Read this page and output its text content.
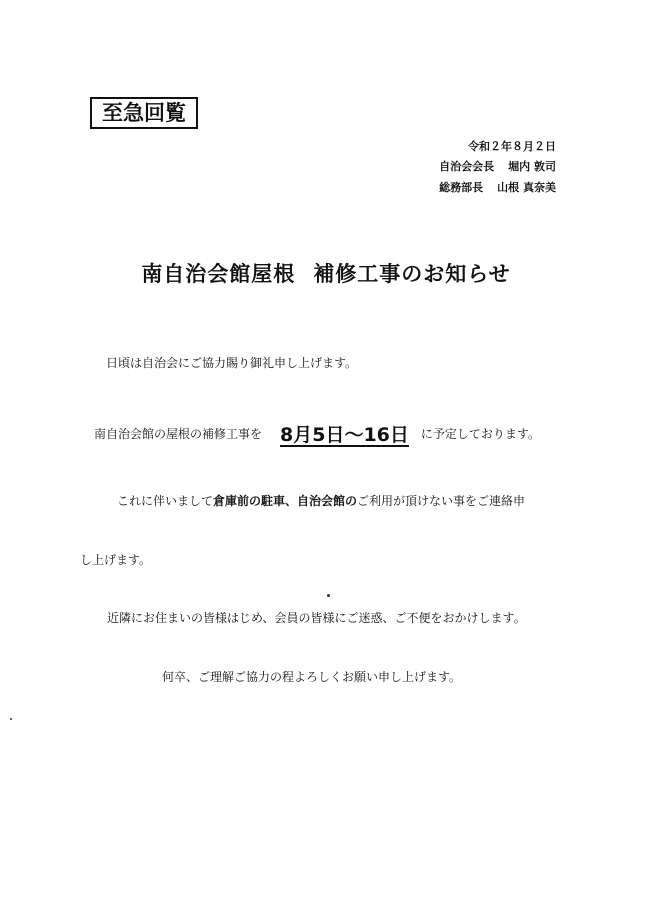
至急回覧
令和２年８月２日
自治会会長 堀内 敦司
総務部長 山根 真奈美
南自治会館屋根 補修工事のお知らせ
日頃は自治会にご協力賜り御礼申し上げます。
南自治会館の屋根の補修工事を 8月5日～16日 に予定しております。
これに伴いまして倉庫前の駐車、自治会館のご利用が頂けない事をご連絡申
し上げます。
近隣にお住まいの皆様はじめ、会員の皆様にご迷惑、ご不便をおかけします。
何卒、ご理解ご協力の程よろしくお願い申し上げます。
